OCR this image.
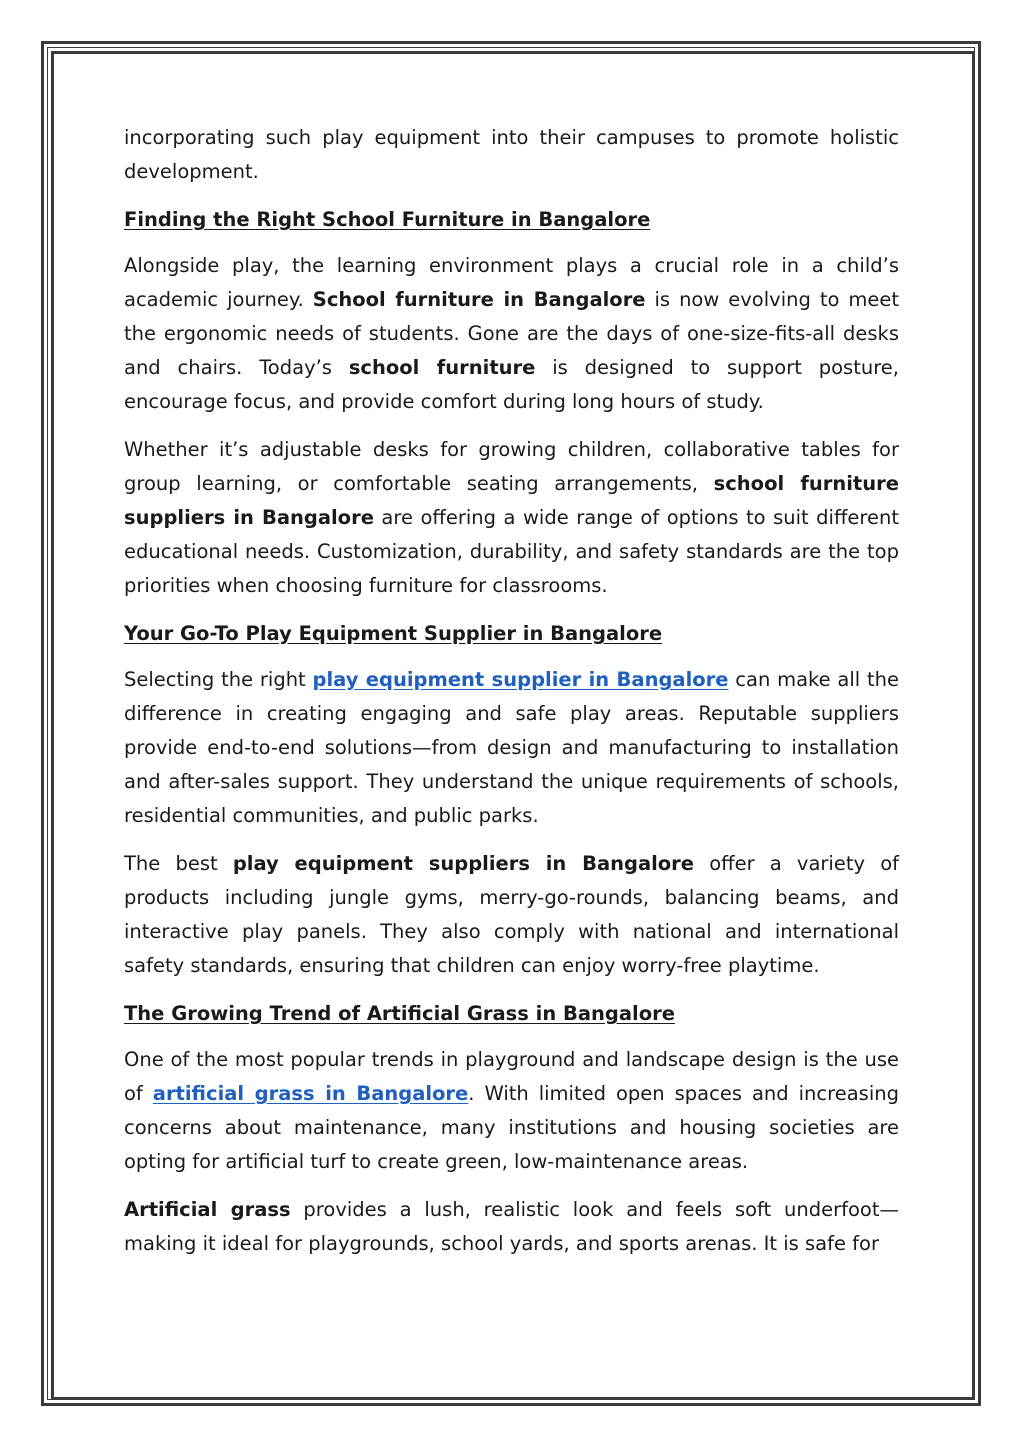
incorporating such play equipment into their campuses to promote holistic development.

Finding the Right School Furniture in Bangalore

Alongside play, the learning environment plays a crucial role in a child’s academic journey. School furniture in Bangalore is now evolving to meet the ergonomic needs of students. Gone are the days of one-size-fits-all desks and chairs. Today’s school furniture is designed to support posture, encourage focus, and provide comfort during long hours of study.

Whether it’s adjustable desks for growing children, collaborative tables for group learning, or comfortable seating arrangements, school furniture suppliers in Bangalore are offering a wide range of options to suit different educational needs. Customization, durability, and safety standards are the top priorities when choosing furniture for classrooms.

Your Go-To Play Equipment Supplier in Bangalore

Selecting the right play equipment supplier in Bangalore can make all the difference in creating engaging and safe play areas. Reputable suppliers provide end-to-end solutions—from design and manufacturing to installation and after-sales support. They understand the unique requirements of schools, residential communities, and public parks.

The best play equipment suppliers in Bangalore offer a variety of products including jungle gyms, merry-go-rounds, balancing beams, and interactive play panels. They also comply with national and international safety standards, ensuring that children can enjoy worry-free playtime.

The Growing Trend of Artificial Grass in Bangalore

One of the most popular trends in playground and landscape design is the use of artificial grass in Bangalore. With limited open spaces and increasing concerns about maintenance, many institutions and housing societies are opting for artificial turf to create green, low-maintenance areas.

Artificial grass provides a lush, realistic look and feels soft underfoot—making it ideal for playgrounds, school yards, and sports arenas. It is safe for
